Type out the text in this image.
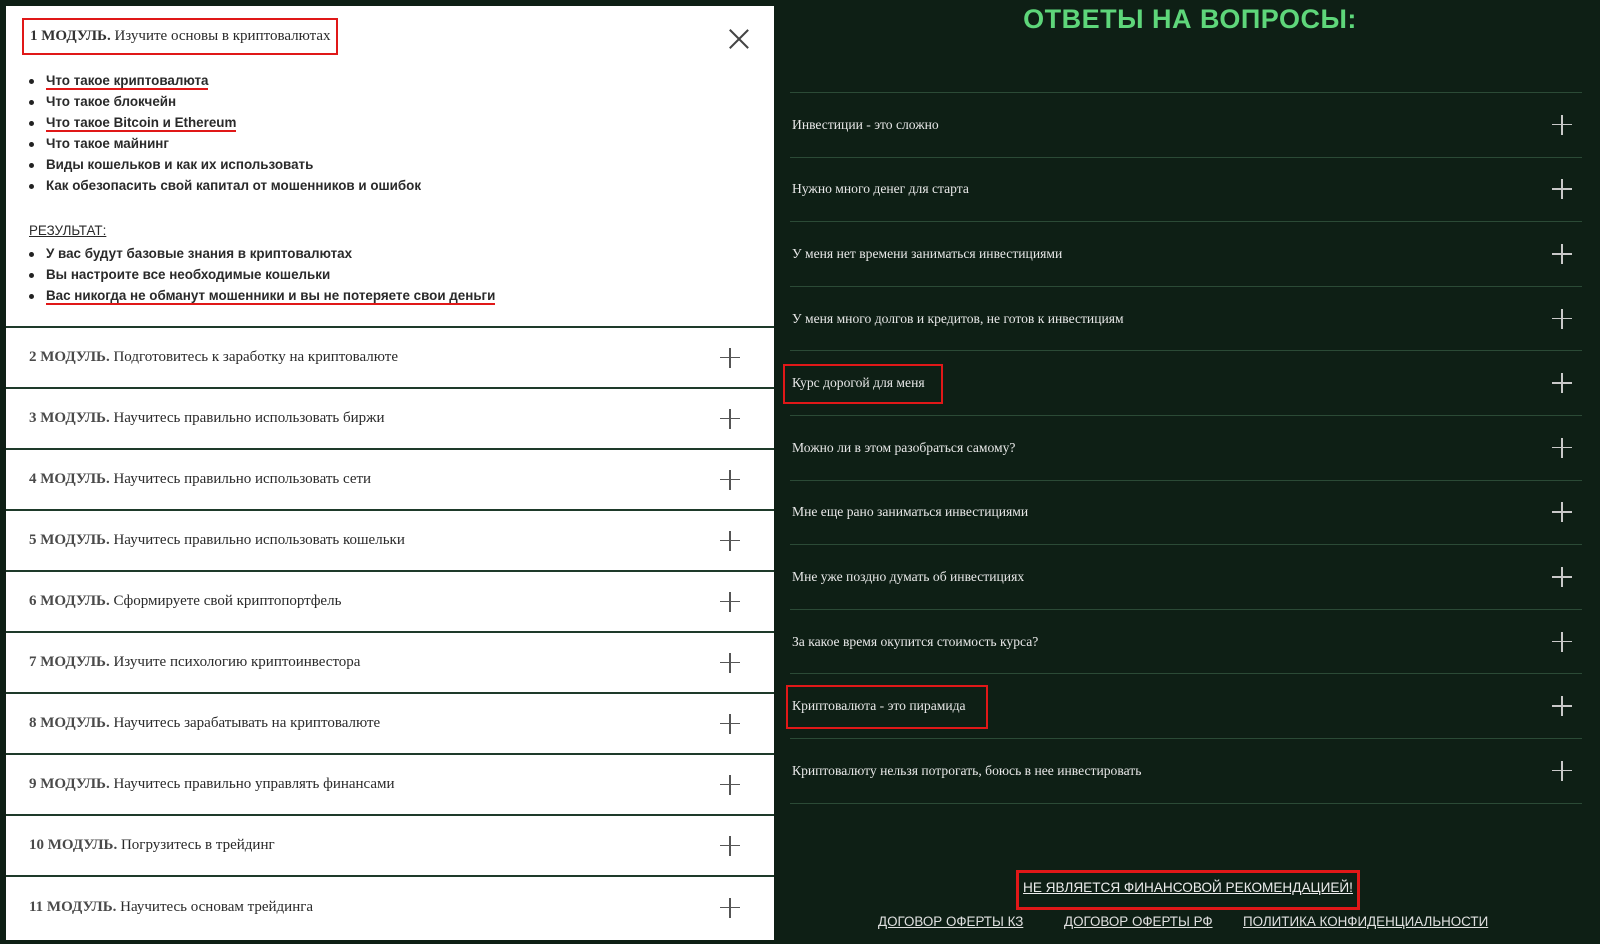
1 МОДУЛЬ. Изучите основы в криптовалютах
Что такое криптовалюта
Что такое блокчейн
Что такое Bitcoin и Ethereum
Что такое майнинг
Виды кошельков и как их использовать
Как обезопасить свой капитал от мошенников и ошибок
РЕЗУЛЬТАТ:
У вас будут базовые знания в криптовалютах
Вы настроите все необходимые кошельки
Вас никогда не обманут мошенники и вы не потеряете свои деньги
2 МОДУЛЬ. Подготовитесь к заработку на криптовалюте
3 МОДУЛЬ. Научитесь правильно использовать биржи
4 МОДУЛЬ. Научитесь правильно использовать сети
5 МОДУЛЬ. Научитесь правильно использовать кошельки
6 МОДУЛЬ. Сформируете свой криптопортфель
7 МОДУЛЬ. Изучите психологию криптоинвестора
8 МОДУЛЬ. Научитесь зарабатывать на криптовалюте
9 МОДУЛЬ. Научитесь правильно управлять финансами
10 МОДУЛЬ. Погрузитесь в трейдинг
11 МОДУЛЬ. Научитесь основам трейдинга
ОТВЕТЫ НА ВОПРОСЫ:
Инвестиции - это сложно
Нужно много денег для старта
У меня нет времени заниматься инвестициями
У меня много долгов и кредитов, не готов к инвестициям
Курс дорогой для меня
Можно ли в этом разобраться самому?
Мне еще рано заниматься инвестициями
Мне уже поздно думать об инвестициях
За какое время окупится стоимость курса?
Криптовалюта - это пирамида
Криптовалюту нельзя потрогать, боюсь в нее инвестировать
НЕ ЯВЛЯЕТСЯ ФИНАНСОВОЙ РЕКОМЕНДАЦИЕЙ!
ДОГОВОР ОФЕРТЫ КЗ	ДОГОВОР ОФЕРТЫ РФ ПОЛИТИКА КОНФИДЕНЦИАЛЬНОСТИ
